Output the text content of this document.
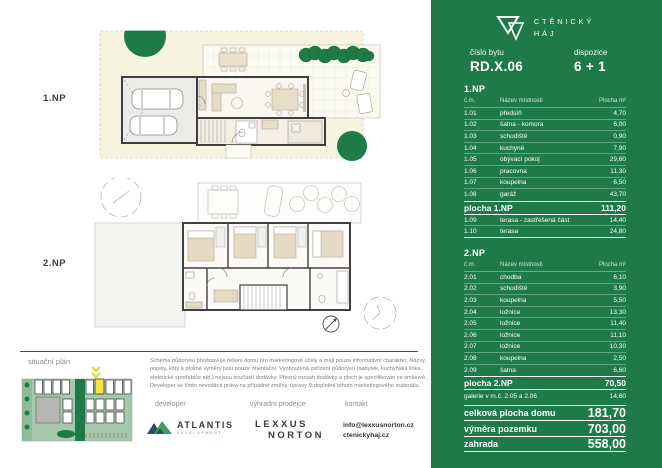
1.NP
2.NP
situační plán	Schéma půdorysu představuje řešení domu pro marketingové účely a mají pouze informativní charakter. Názvy, popisy, kóty a plošné výměry jsou pouze orientační. Vyobrazená zařízení půdorysu (nábytek, kuchyňská linka, elektrické spotřebiče atd.) nejsou součástí dodávky. Přesný rozsah dodávky a ploch je specifikován ve smlouvě. Developer se tímto nevzdává práva na případné změny, úpravy či doplnění tohoto marketingového materiálu.
developer	výhradní prodejce	kontakt
ATLANTIS
DEVELOPMENT
LEXXUS
NORTON
info@lexxusnorton.cz
ctenickyhaj.cz
CTĚNICKÝ
HÁJ
číslo bytu
RD.X.06
dispozice
6 + 1
1.NP
č.m.	Název místnosti	Plocha m²
1.01	předsíň	4,70
1.02	šatna - komora	6,00
1.03	schodiště	0,90
1.04	kuchyně	7,90
1.05	obývací pokoj	29,60
1.06	pracovna	11,30
1.07	koupelna	6,50
1.08	garáž	43,70
plocha 1.NP	111,20
1.09	terasa - zastřešená část	14,40
1.10	terasa	24,80
2.NP
č.m.	Název místnosti	Plocha m²
2.01	chodba	6,10
2.02	schodiště	3,90
2.03	koupelna	5,50
2.04	ložnice	13,30
2.05	ložnice	11,40
2.06	ložnice	11,10
2.07	ložnice	10,30
2.08	koupelna	2,50
2.09	šatna	6,60
plocha 2.NP	70,50
galerie v m.č. 2.05 a 2.06	14,60
celková plocha domu	181,70
výměra pozemku	703,00
zahrada	558,00
